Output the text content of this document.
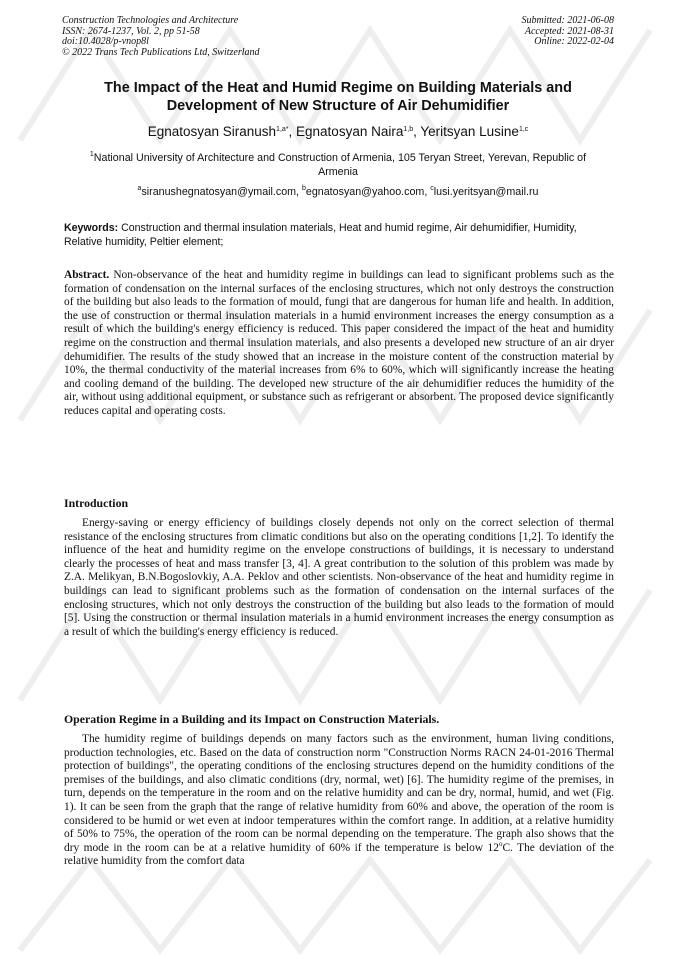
Construction Technologies and Architecture
ISSN: 2674-1237, Vol. 2, pp 51-58
doi:10.4028/p-vnop8l
© 2022 Trans Tech Publications Ltd, Switzerland
Submitted: 2021-06-08
Accepted: 2021-08-31
Online: 2022-02-04
The Impact of the Heat and Humid Regime on Building Materials and Development of New Structure of Air Dehumidifier
Egnatosyan Siranush$^{1,a*}$, Egnatosyan Naira$^{1,b}$, Yeritsyan Lusine$^{1,c}$
$^1$National University of Architecture and Construction of Armenia, 105 Teryan Street, Yerevan, Republic of Armenia
$^a$siranushegnatosyan@ymail.com, $^b$egnatosyan@yahoo.com, $^c$lusi.yeritsyan@mail.ru
Keywords: Construction and thermal insulation materials, Heat and humid regime, Air dehumidifier, Humidity, Relative humidity, Peltier element;
Abstract. Non-observance of the heat and humidity regime in buildings can lead to significant problems such as the formation of condensation on the internal surfaces of the enclosing structures, which not only destroys the construction of the building but also leads to the formation of mould, fungi that are dangerous for human life and health. In addition, the use of construction or thermal insulation materials in a humid environment increases the energy consumption as a result of which the building's energy efficiency is reduced. This paper considered the impact of the heat and humidity regime on the construction and thermal insulation materials, and also presents a developed new structure of an air dryer dehumidifier. The results of the study showed that an increase in the moisture content of the construction material by 10%, the thermal conductivity of the material increases from 6% to 60%, which will significantly increase the heating and cooling demand of the building. The developed new structure of the air dehumidifier reduces the humidity of the air, without using additional equipment, or substance such as refrigerant or absorbent. The proposed device significantly reduces capital and operating costs.
Introduction
Energy-saving or energy efficiency of buildings closely depends not only on the correct selection of thermal resistance of the enclosing structures from climatic conditions but also on the operating conditions [1,2]. To identify the influence of the heat and humidity regime on the envelope constructions of buildings, it is necessary to understand clearly the processes of heat and mass transfer [3, 4]. A great contribution to the solution of this problem was made by Z.A. Melikyan, B.N.Bogoslovkiy, A.A. Peklov and other scientists. Non-observance of the heat and humidity regime in buildings can lead to significant problems such as the formation of condensation on the internal surfaces of the enclosing structures, which not only destroys the construction of the building but also leads to the formation of mould [5]. Using the construction or thermal insulation materials in a humid environment increases the energy consumption as a result of which the building's energy efficiency is reduced.
Operation Regime in a Building and its Impact on Construction Materials.
The humidity regime of buildings depends on many factors such as the environment, human living conditions, production technologies, etc. Based on the data of construction norm "Construction Norms RACN 24-01-2016 Thermal protection of buildings", the operating conditions of the enclosing structures depend on the humidity conditions of the premises of the buildings, and also climatic conditions (dry, normal, wet) [6]. The humidity regime of the premises, in turn, depends on the temperature in the room and on the relative humidity and can be dry, normal, humid, and wet (Fig. 1). It can be seen from the graph that the range of relative humidity from 60% and above, the operation of the room is considered to be humid or wet even at indoor temperatures within the comfort range. In addition, at a relative humidity of 50% to 75%, the operation of the room can be normal depending on the temperature. The graph also shows that the dry mode in the room can be at a relative humidity of 60% if the temperature is below 12$^o$C. The deviation of the relative humidity from the comfort data
